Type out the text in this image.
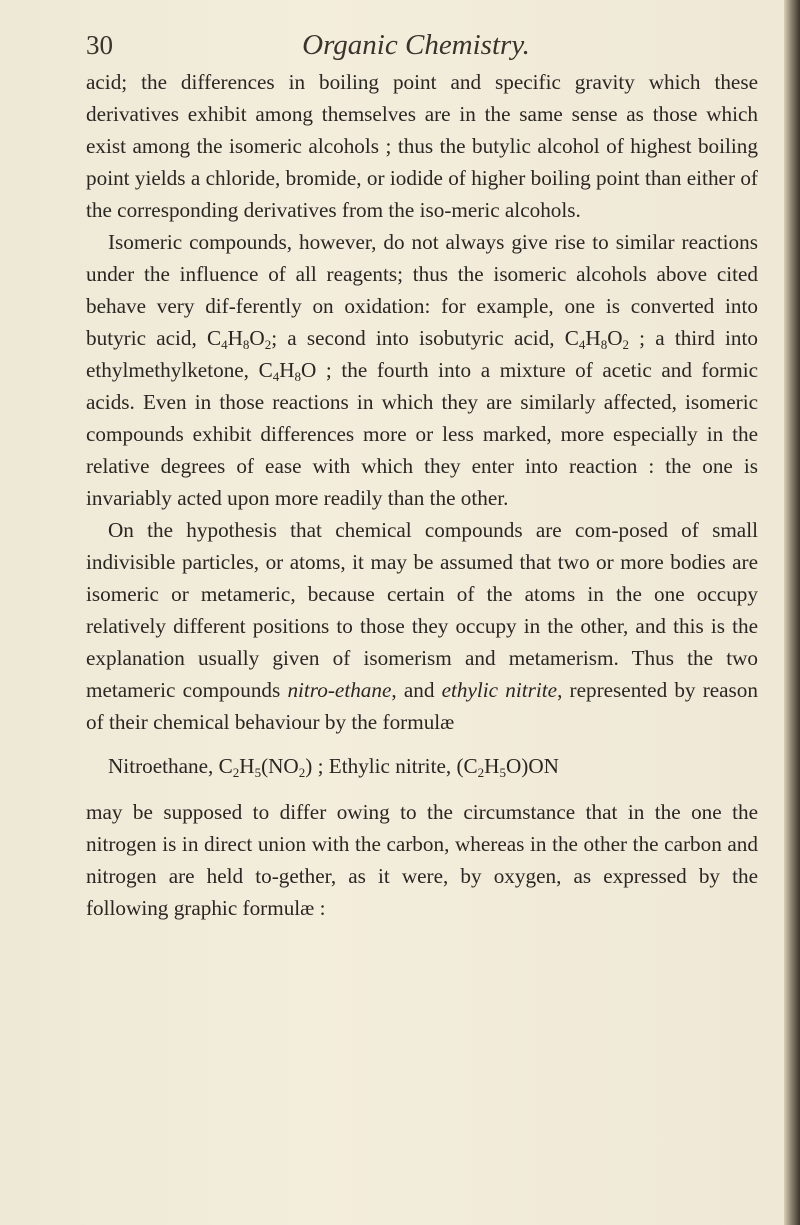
30	Organic Chemistry.

acid; the differences in boiling point and specific gravity which these derivatives exhibit among themselves are in the same sense as those which exist among the isomeric alcohols ; thus the butylic alcohol of highest boiling point yields a chloride, bromide, or iodide of higher boiling point than either of the corresponding derivatives from the iso-meric alcohols.

Isomeric compounds, however, do not always give rise to similar reactions under the influence of all reagents; thus the isomeric alcohols above cited behave very dif-ferently on oxidation: for example, one is converted into butyric acid, $C_4H_8O_2$; a second into isobutyric acid, $C_4H_8O_2$ ; a third into ethylmethylketone, $C_4H_8O$ ; the fourth into a mixture of acetic and formic acids. Even in those reactions in which they are similarly affected, isomeric compounds exhibit differences more or less marked, more especially in the relative degrees of ease with which they enter into reaction : the one is invariably acted upon more readily than the other.

On the hypothesis that chemical compounds are com-posed of small indivisible particles, or atoms, it may be assumed that two or more bodies are isomeric or metameric, because certain of the atoms in the one occupy relatively different positions to those they occupy in the other, and this is the explanation usually given of isomerism and metamerism. Thus the two metameric compounds nitro-ethane, and ethylic nitrite, represented by reason of their chemical behaviour by the formulæ

Nitroethane, $C_2H_5(NO_2)$ ; Ethylic nitrite, $(C_2H_5O)ON$

may be supposed to differ owing to the circumstance that in the one the nitrogen is in direct union with the carbon, whereas in the other the carbon and nitrogen are held to-gether, as it were, by oxygen, as expressed by the following graphic formulæ :
